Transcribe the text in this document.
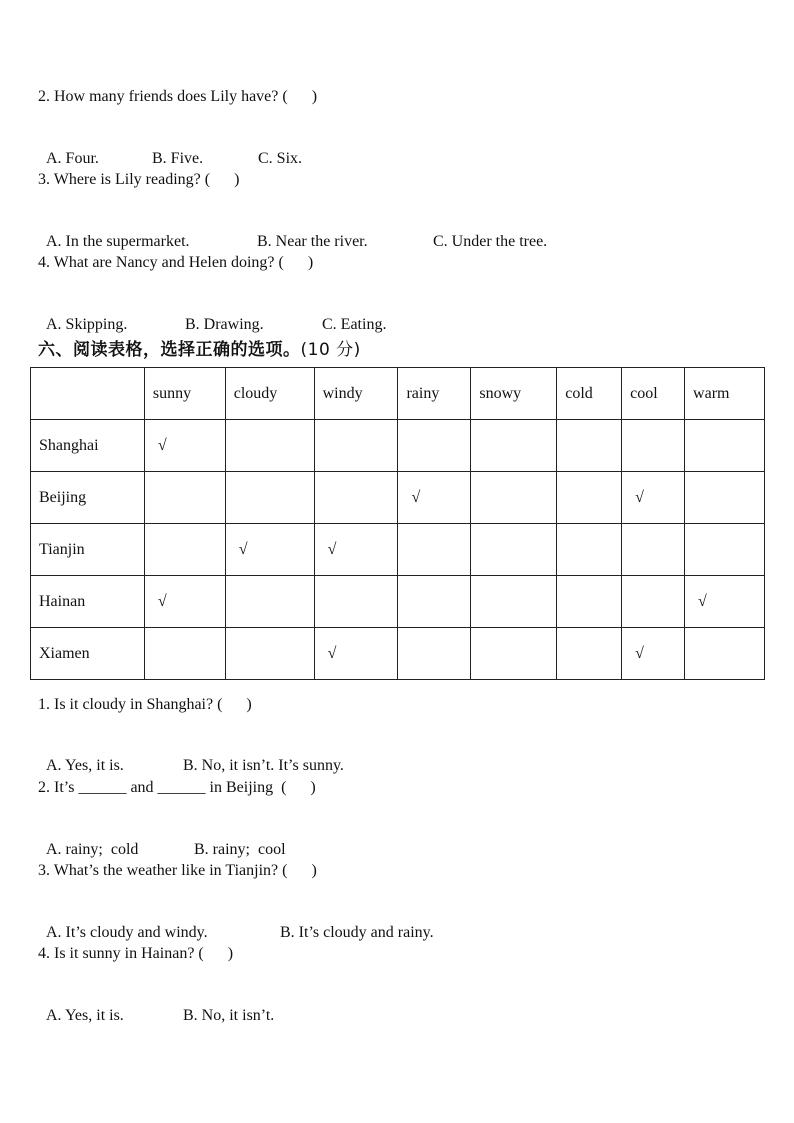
2. How many friends does Lily have? (      )

A. Four.	B. Five.	C. Six.

3. Where is Lily reading? (      )

A. In the supermarket.	B. Near the river.	C. Under the tree.

4. What are Nancy and Helen doing? (      )

A. Skipping.	B. Drawing.	C. Eating.

六、阅读表格，选择正确的选项。(10 分)
	sunny	cloudy	windy	rainy	snowy	cold	cool	warm
Shanghai	√							
Beijing				√			√	
Tianjin		√	√					
Hainan	√							√
Xiamen			√				√	
1. Is it cloudy in Shanghai? (      )

A. Yes, it is.	B. No, it isn’t. It’s sunny.

2. It’s ______ and ______ in Beijing  (      )

A. rainy;  cold	B. rainy;  cool

3. What’s the weather like in Tianjin? (      )

A. It’s cloudy and windy.	B. It’s cloudy and rainy.

4. Is it sunny in Hainan? (      )

A. Yes, it is.	B. No, it isn’t.
